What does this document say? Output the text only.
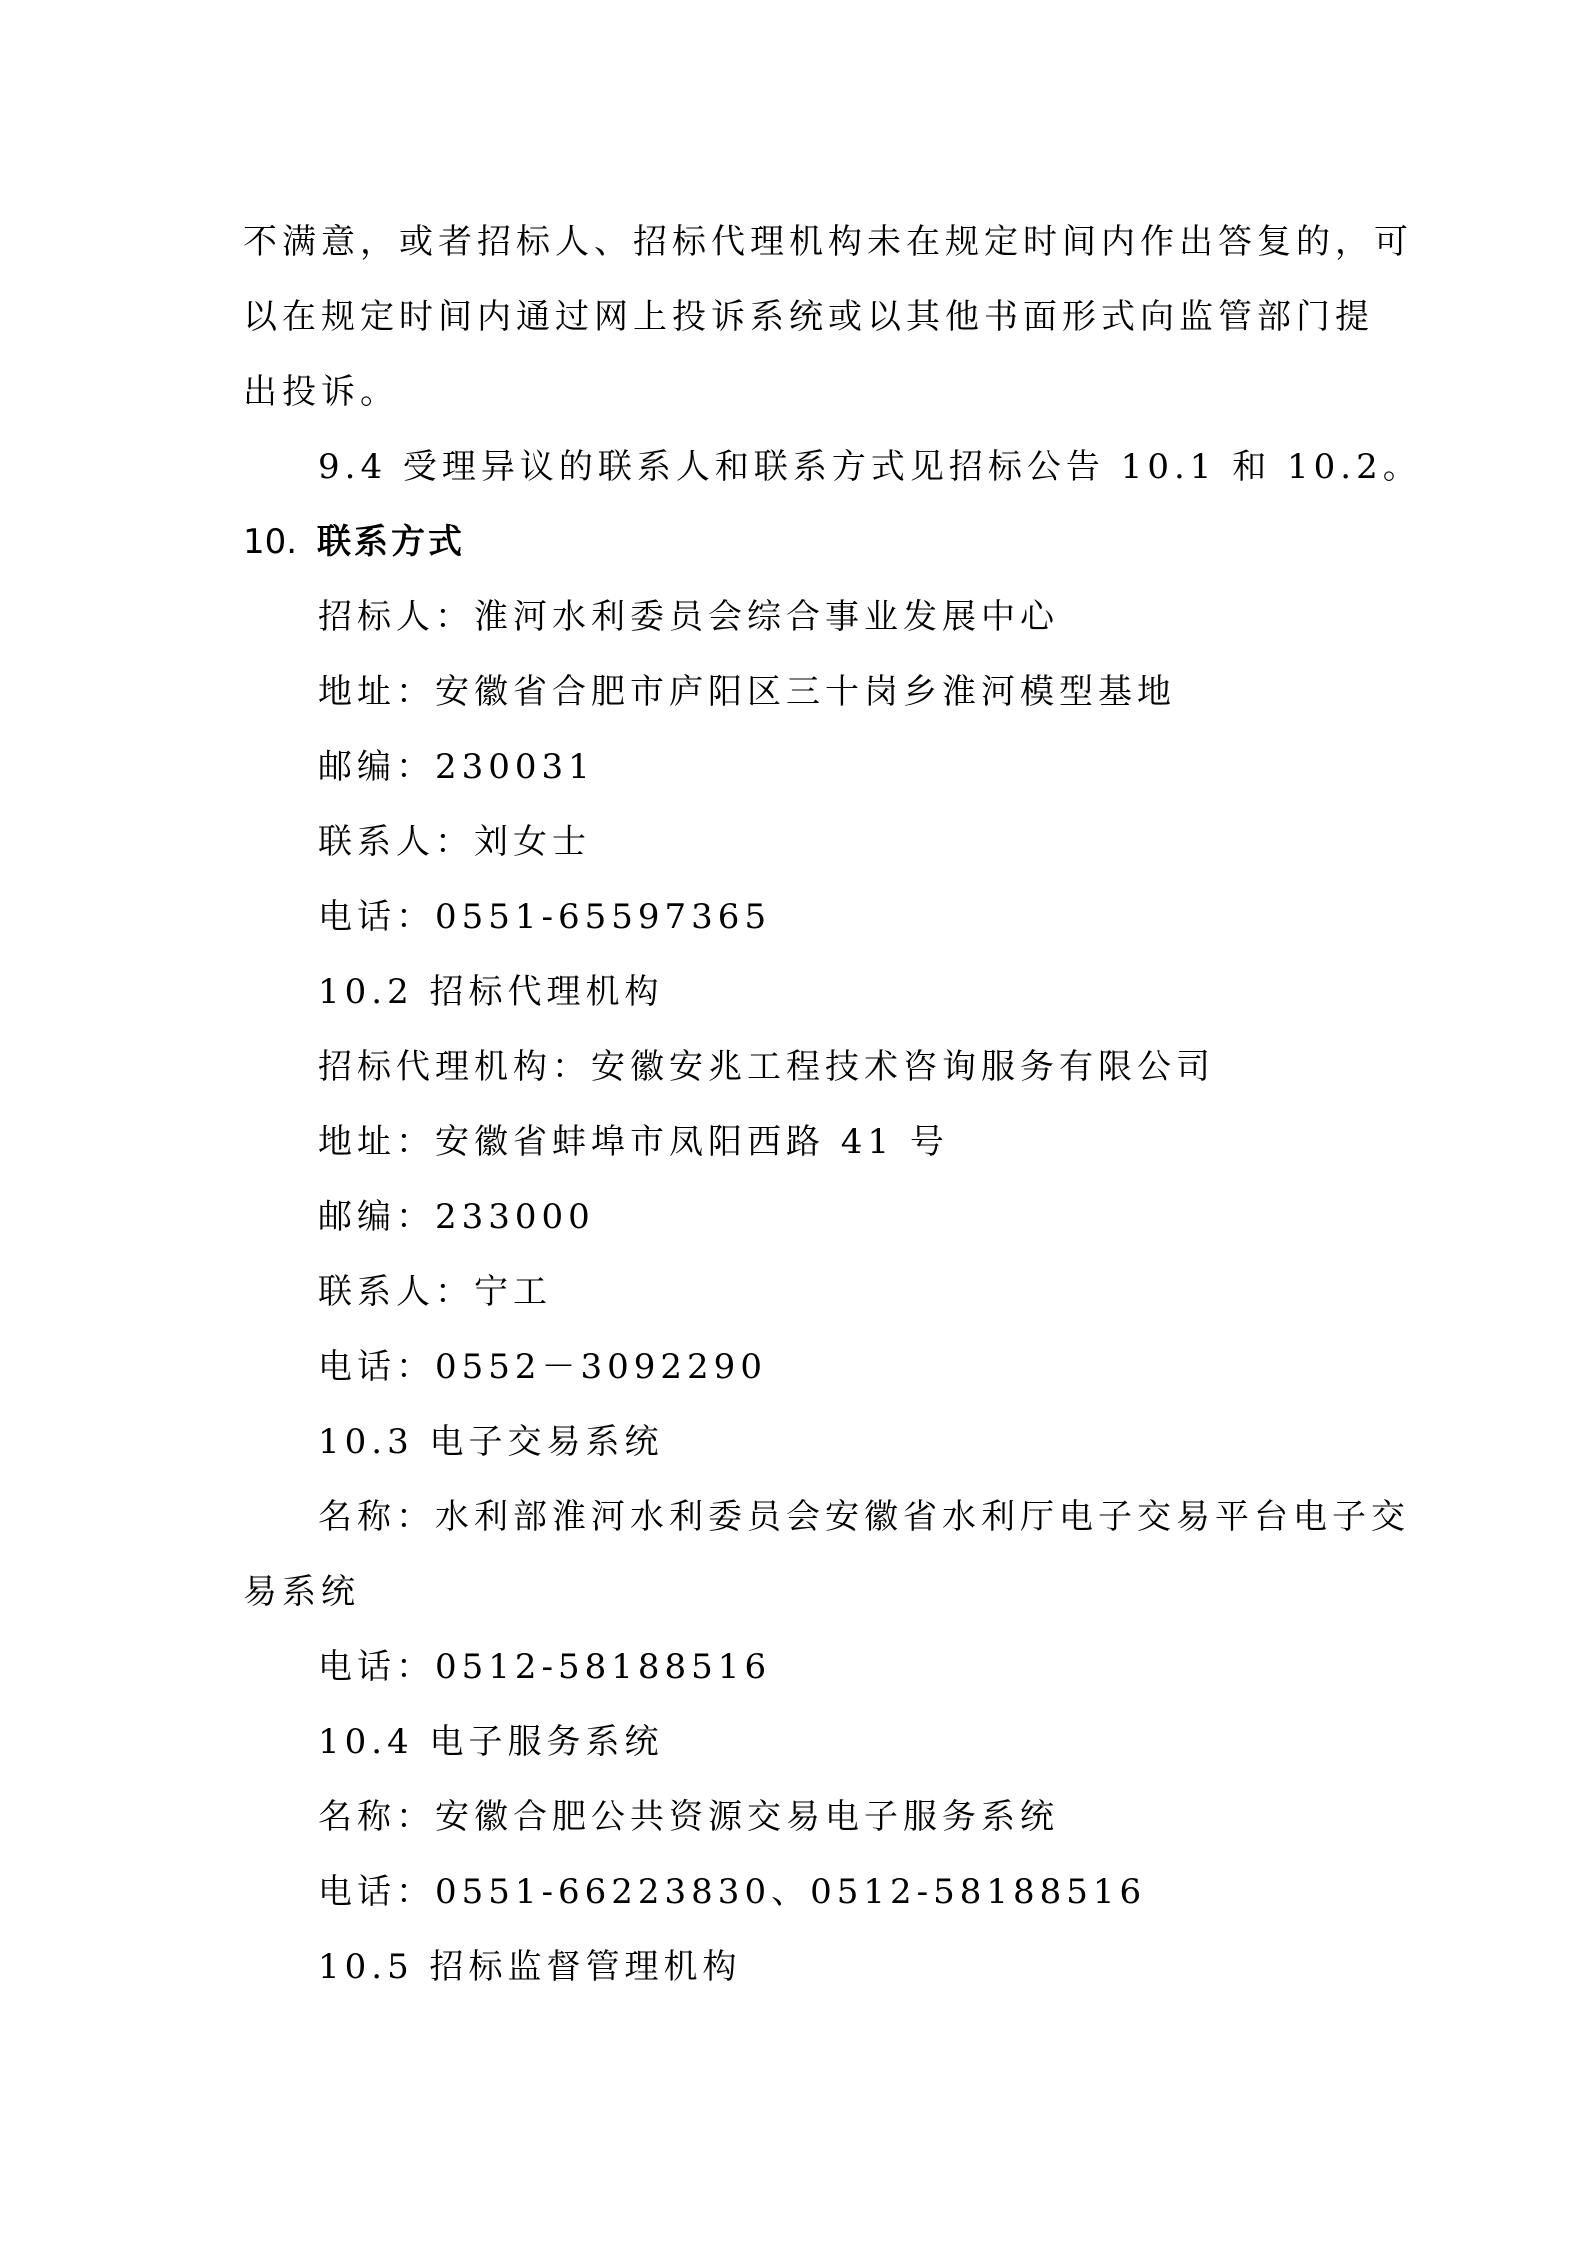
不满意，或者招标人、招标代理机构未在规定时间内作出答复的，可
以在规定时间内通过网上投诉系统或以其他书面形式向监管部门提
出投诉。
9.4 受理异议的联系人和联系方式见招标公告 10.1 和 10.2。
10. 联系方式
招标人：淮河水利委员会综合事业发展中心
地址：安徽省合肥市庐阳区三十岗乡淮河模型基地
邮编：230031
联系人：刘女士
电话：0551-65597365
10.2 招标代理机构
招标代理机构：安徽安兆工程技术咨询服务有限公司
地址：安徽省蚌埠市凤阳西路 41 号
邮编：233000
联系人：宁工
电话：0552－3092290
10.3 电子交易系统
名称：水利部淮河水利委员会安徽省水利厅电子交易平台电子交
易系统
电话：0512-58188516
10.4 电子服务系统
名称：安徽合肥公共资源交易电子服务系统
电话：0551-66223830、0512-58188516
10.5 招标监督管理机构
